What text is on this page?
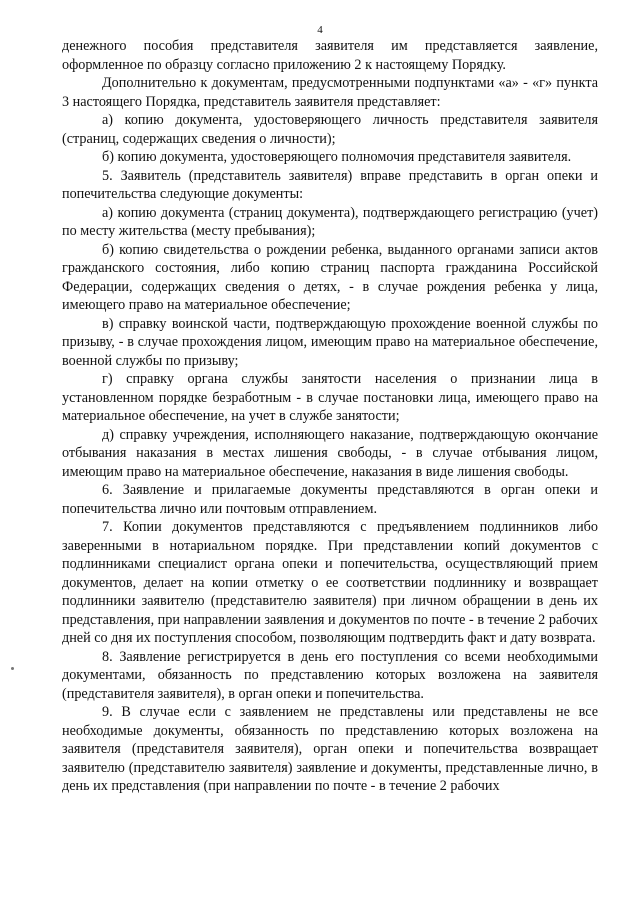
4

денежного пособия представителя заявителя им представляется заявление, оформленное по образцу согласно приложению 2 к настоящему Порядку.

Дополнительно к документам, предусмотренными подпунктами «а» - «г» пункта 3 настоящего Порядка, представитель заявителя представляет:

а) копию документа, удостоверяющего личность представителя заявителя (страниц, содержащих сведения о личности);

б) копию документа, удостоверяющего полномочия представителя заявителя.

5. Заявитель (представитель заявителя) вправе представить в орган опеки и попечительства следующие документы:

а) копию документа (страниц документа), подтверждающего регистрацию (учет) по месту жительства (месту пребывания);

б) копию свидетельства о рождении ребенка, выданного органами записи актов гражданского состояния, либо копию страниц паспорта гражданина Российской Федерации, содержащих сведения о детях, - в случае рождения ребенка у лица, имеющего право на материальное обеспечение;

в) справку воинской части, подтверждающую прохождение военной службы по призыву, - в случае прохождения лицом, имеющим право на материальное обеспечение, военной службы по призыву;

г) справку органа службы занятости населения о признании лица в установленном порядке безработным - в случае постановки лица, имеющего право на материальное обеспечение, на учет в службе занятости;

д) справку учреждения, исполняющего наказание, подтверждающую окончание отбывания наказания в местах лишения свободы, - в случае отбывания лицом, имеющим право на материальное обеспечение, наказания в виде лишения свободы.

6. Заявление и прилагаемые документы представляются в орган опеки и попечительства лично или почтовым отправлением.

7. Копии документов представляются с предъявлением подлинников либо заверенными в нотариальном порядке. При представлении копий документов с подлинниками специалист органа опеки и попечительства, осуществляющий прием документов, делает на копии отметку о ее соответствии подлиннику и возвращает подлинники заявителю (представителю заявителя) при личном обращении в день их представления, при направлении заявления и документов по почте - в течение 2 рабочих дней со дня их поступления способом, позволяющим подтвердить факт и дату возврата.

8. Заявление регистрируется в день его поступления со всеми необходимыми документами, обязанность по представлению которых возложена на заявителя (представителя заявителя), в орган опеки и попечительства.

9. В случае если с заявлением не представлены или представлены не все необходимые документы, обязанность по представлению которых возложена на заявителя (представителя заявителя), орган опеки и попечительства возвращает заявителю (представителю заявителя) заявление и документы, представленные лично, в день их представления (при направлении по почте - в течение 2 рабочих
